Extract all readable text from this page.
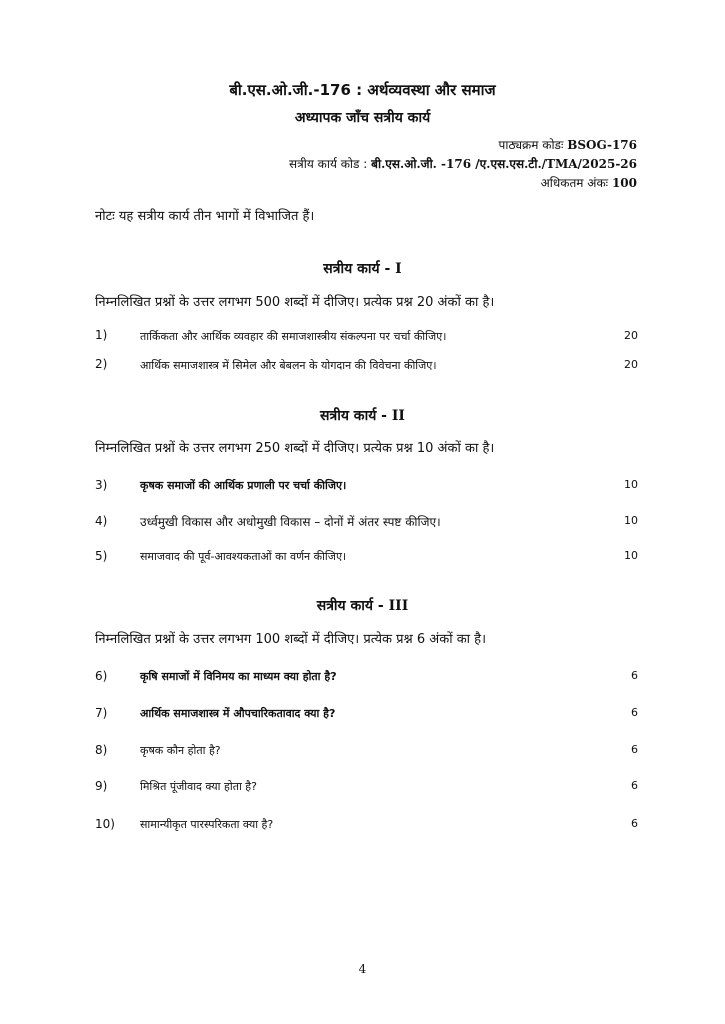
बी.एस.ओ.जी.-176 : अर्थव्यवस्था और समाज
अध्यापक जाँच सत्रीय कार्य
पाठ्यक्रम कोडः BSOG-176
सत्रीय कार्य कोड : बी.एस.ओ.जी. -176 /ए.एस.एस.टी./TMA/2025-26
अधिकतम अंकः 100
नोटः यह सत्रीय कार्य तीन भागों में विभाजित हैं।
सत्रीय कार्य - I
निम्नलिखित प्रश्नों के उत्तर लगभग 500 शब्दों में दीजिए। प्रत्येक प्रश्न 20 अंकों का है।
1)	तार्किकता और आर्थिक व्यवहार की समाजशास्त्रीय संकल्पना पर चर्चा कीजिए।	20
2)	आर्थिक समाजशास्त्र में सिमेल और बेबलन के योगदान की विवेचना कीजिए।	20
सत्रीय कार्य - II
निम्नलिखित प्रश्नों के उत्तर लगभग 250 शब्दों में दीजिए। प्रत्येक प्रश्न 10 अंकों का है।
3)	कृषक समाजों की आर्थिक प्रणाली पर चर्चा कीजिए।	10
4)	उर्ध्वमुखी विकास और अधोमुखी विकास – दोनों में अंतर स्पष्ट कीजिए।	10
5)	समाजवाद की पूर्व-आवश्यकताओं का वर्णन कीजिए।	10
सत्रीय कार्य - III
निम्नलिखित प्रश्नों के उत्तर लगभग 100 शब्दों में दीजिए। प्रत्येक प्रश्न 6 अंकों का है।
6)	कृषि समाजों में विनिमय का माध्यम क्या होता है?	6
7)	आर्थिक समाजशास्त्र में औपचारिकतावाद क्या है?	6
8)	कृषक कौन होता है?	6
9)	मिश्रित पूंजीवाद क्या होता है?	6
10) सामान्यीकृत पारस्परिकता क्या है?	6
4
